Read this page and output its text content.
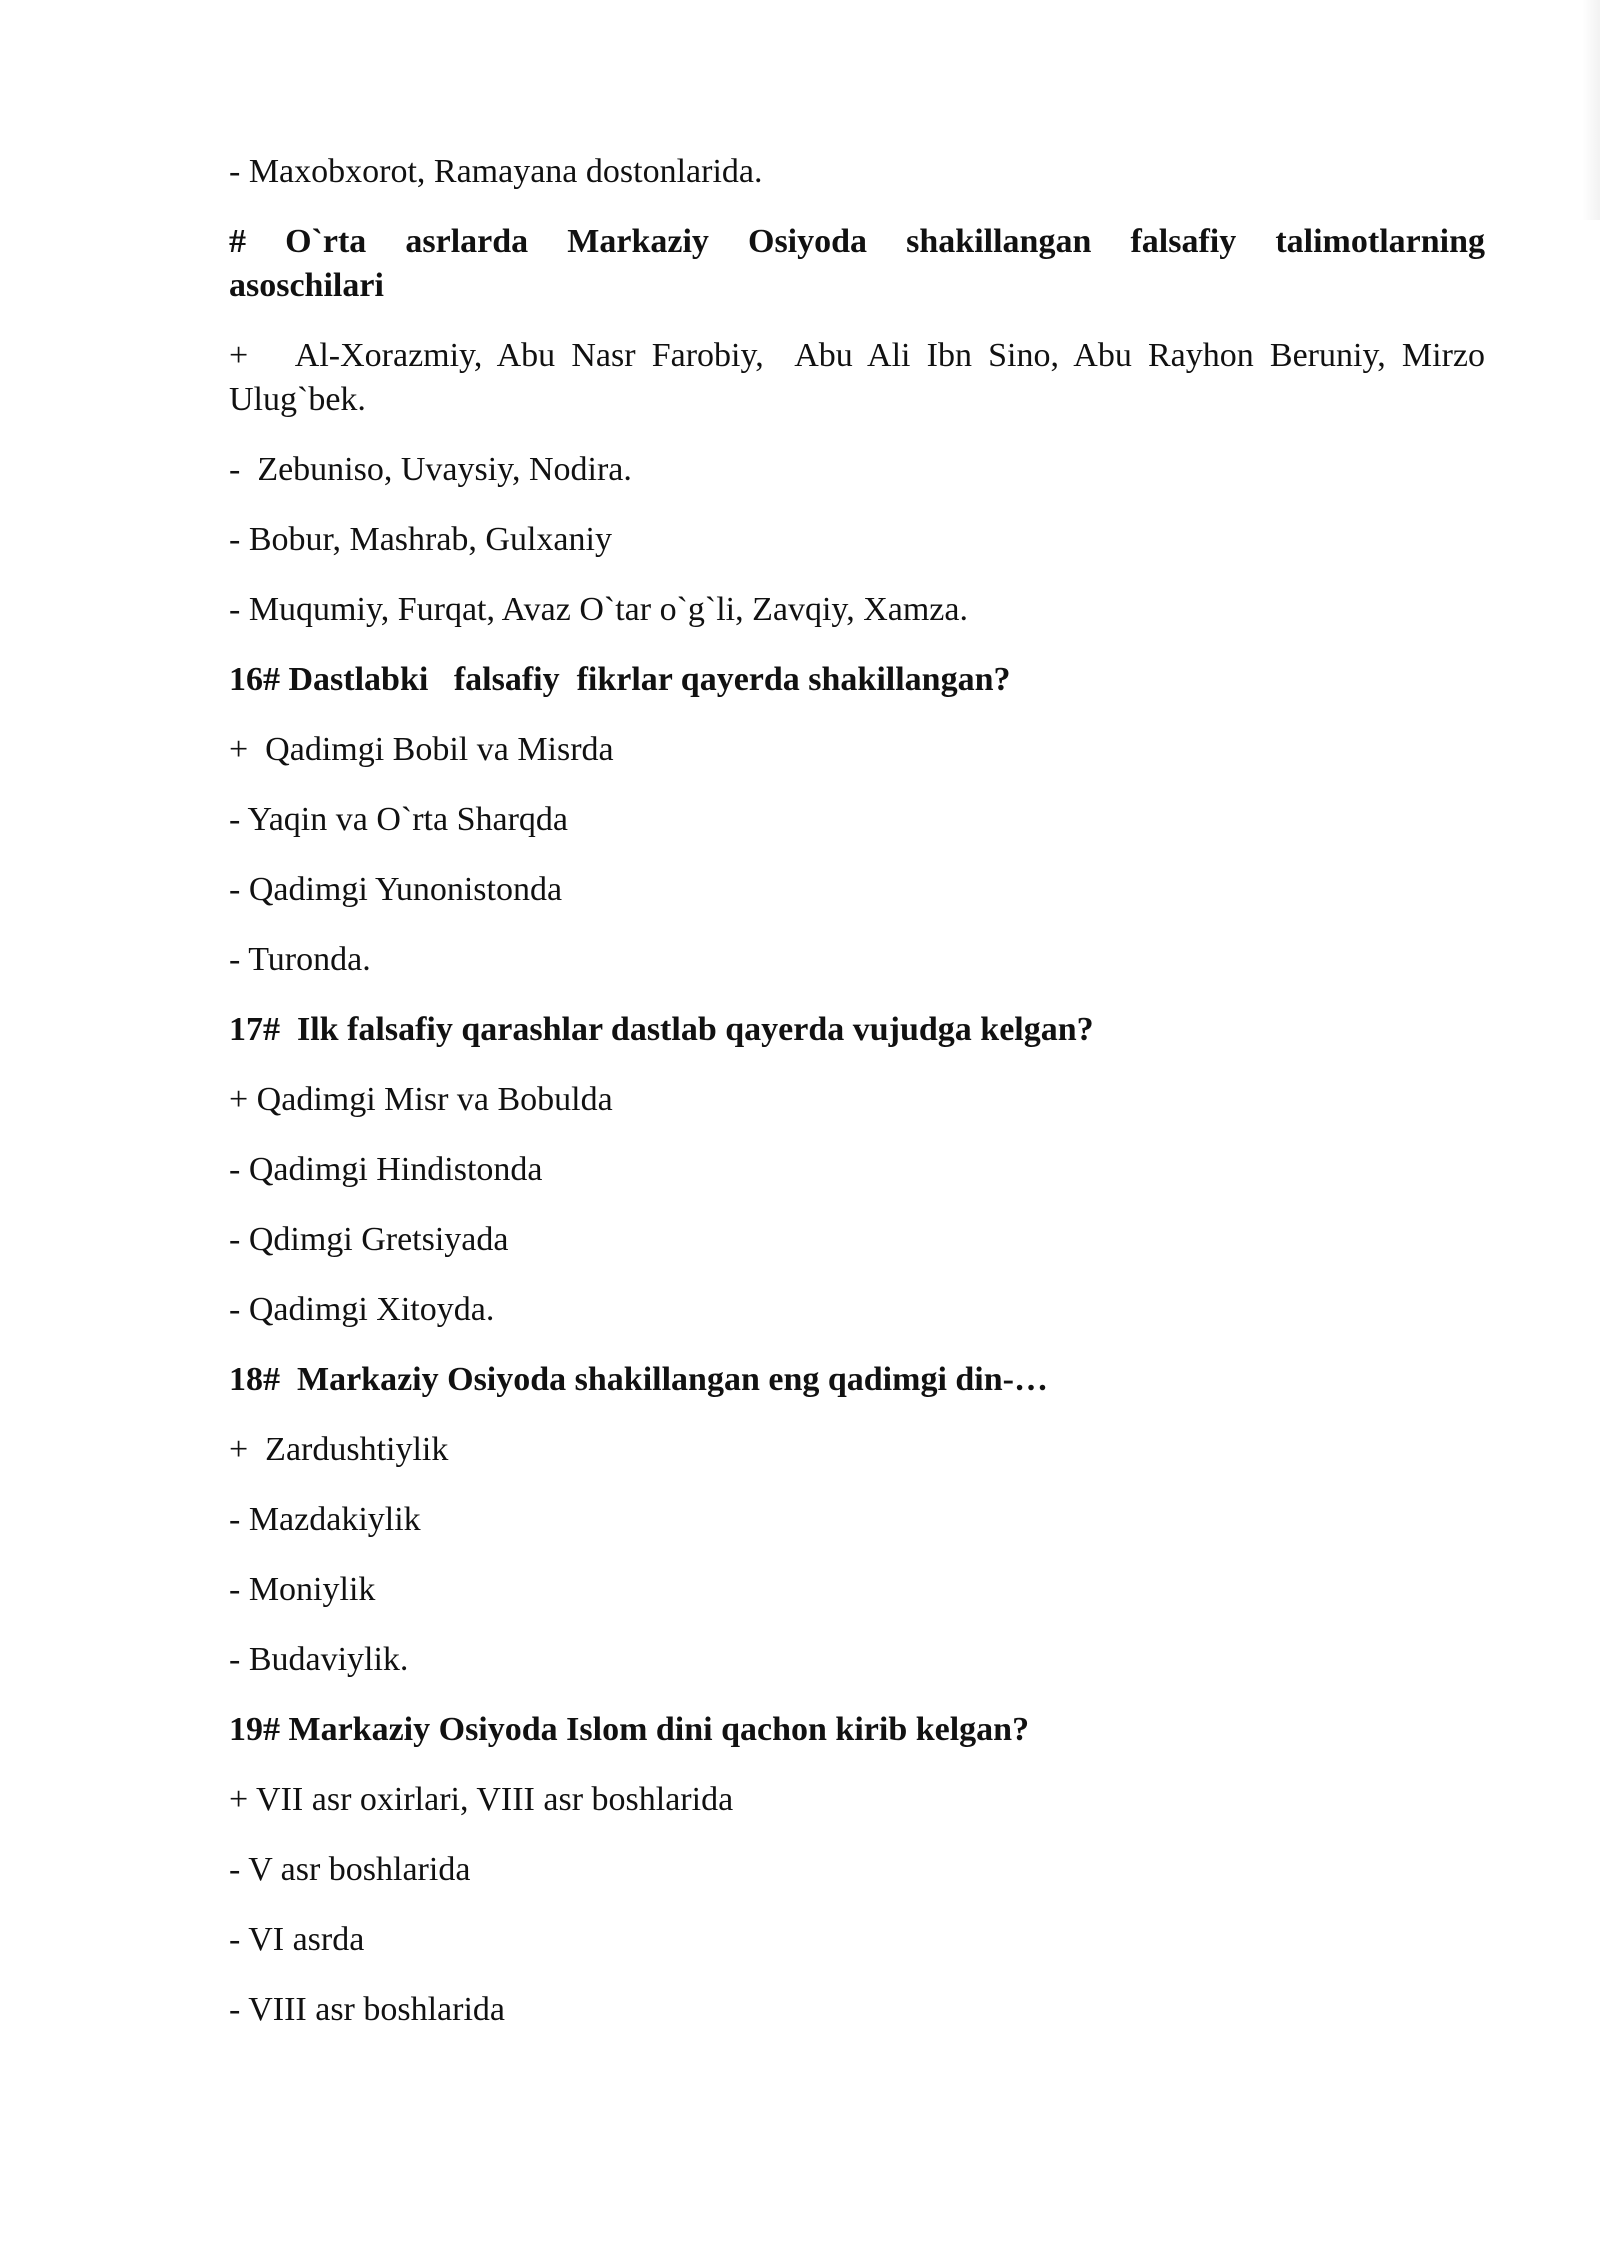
- Maxobxorot, Ramayana dostonlarida.

#  O`rta  asrlarda  Markaziy  Osiyoda  shakillangan  falsafiy  talimotlarning asoschilari

+   Al-Xorazmiy, Abu Nasr Farobiy,  Abu Ali Ibn Sino, Abu Rayhon Beruniy, Mirzo Ulug`bek.

-  Zebuniso, Uvaysiy, Nodira.

- Bobur, Mashrab, Gulxaniy

- Muqumiy, Furqat, Avaz O`tar o`g`li, Zavqiy, Xamza.

16# Dastlabki   falsafiy  fikrlar qayerda shakillangan?

+  Qadimgi Bobil va Misrda

- Yaqin va O`rta Sharqda

- Qadimgi Yunonistonda

- Turonda.

17#  Ilk falsafiy qarashlar dastlab qayerda vujudga kelgan?

+ Qadimgi Misr va Bobulda

- Qadimgi Hindistonda

- Qdimgi Gretsiyada

- Qadimgi Xitoyda.

18#  Markaziy Osiyoda shakillangan eng qadimgi din-…

+  Zardushtiylik

- Mazdakiylik

- Moniylik

- Budaviylik.

19# Markaziy Osiyoda Islom dini qachon kirib kelgan?

+ VII asr oxirlari, VIII asr boshlarida

- V asr boshlarida

- VI asrda

- VIII asr boshlarida
